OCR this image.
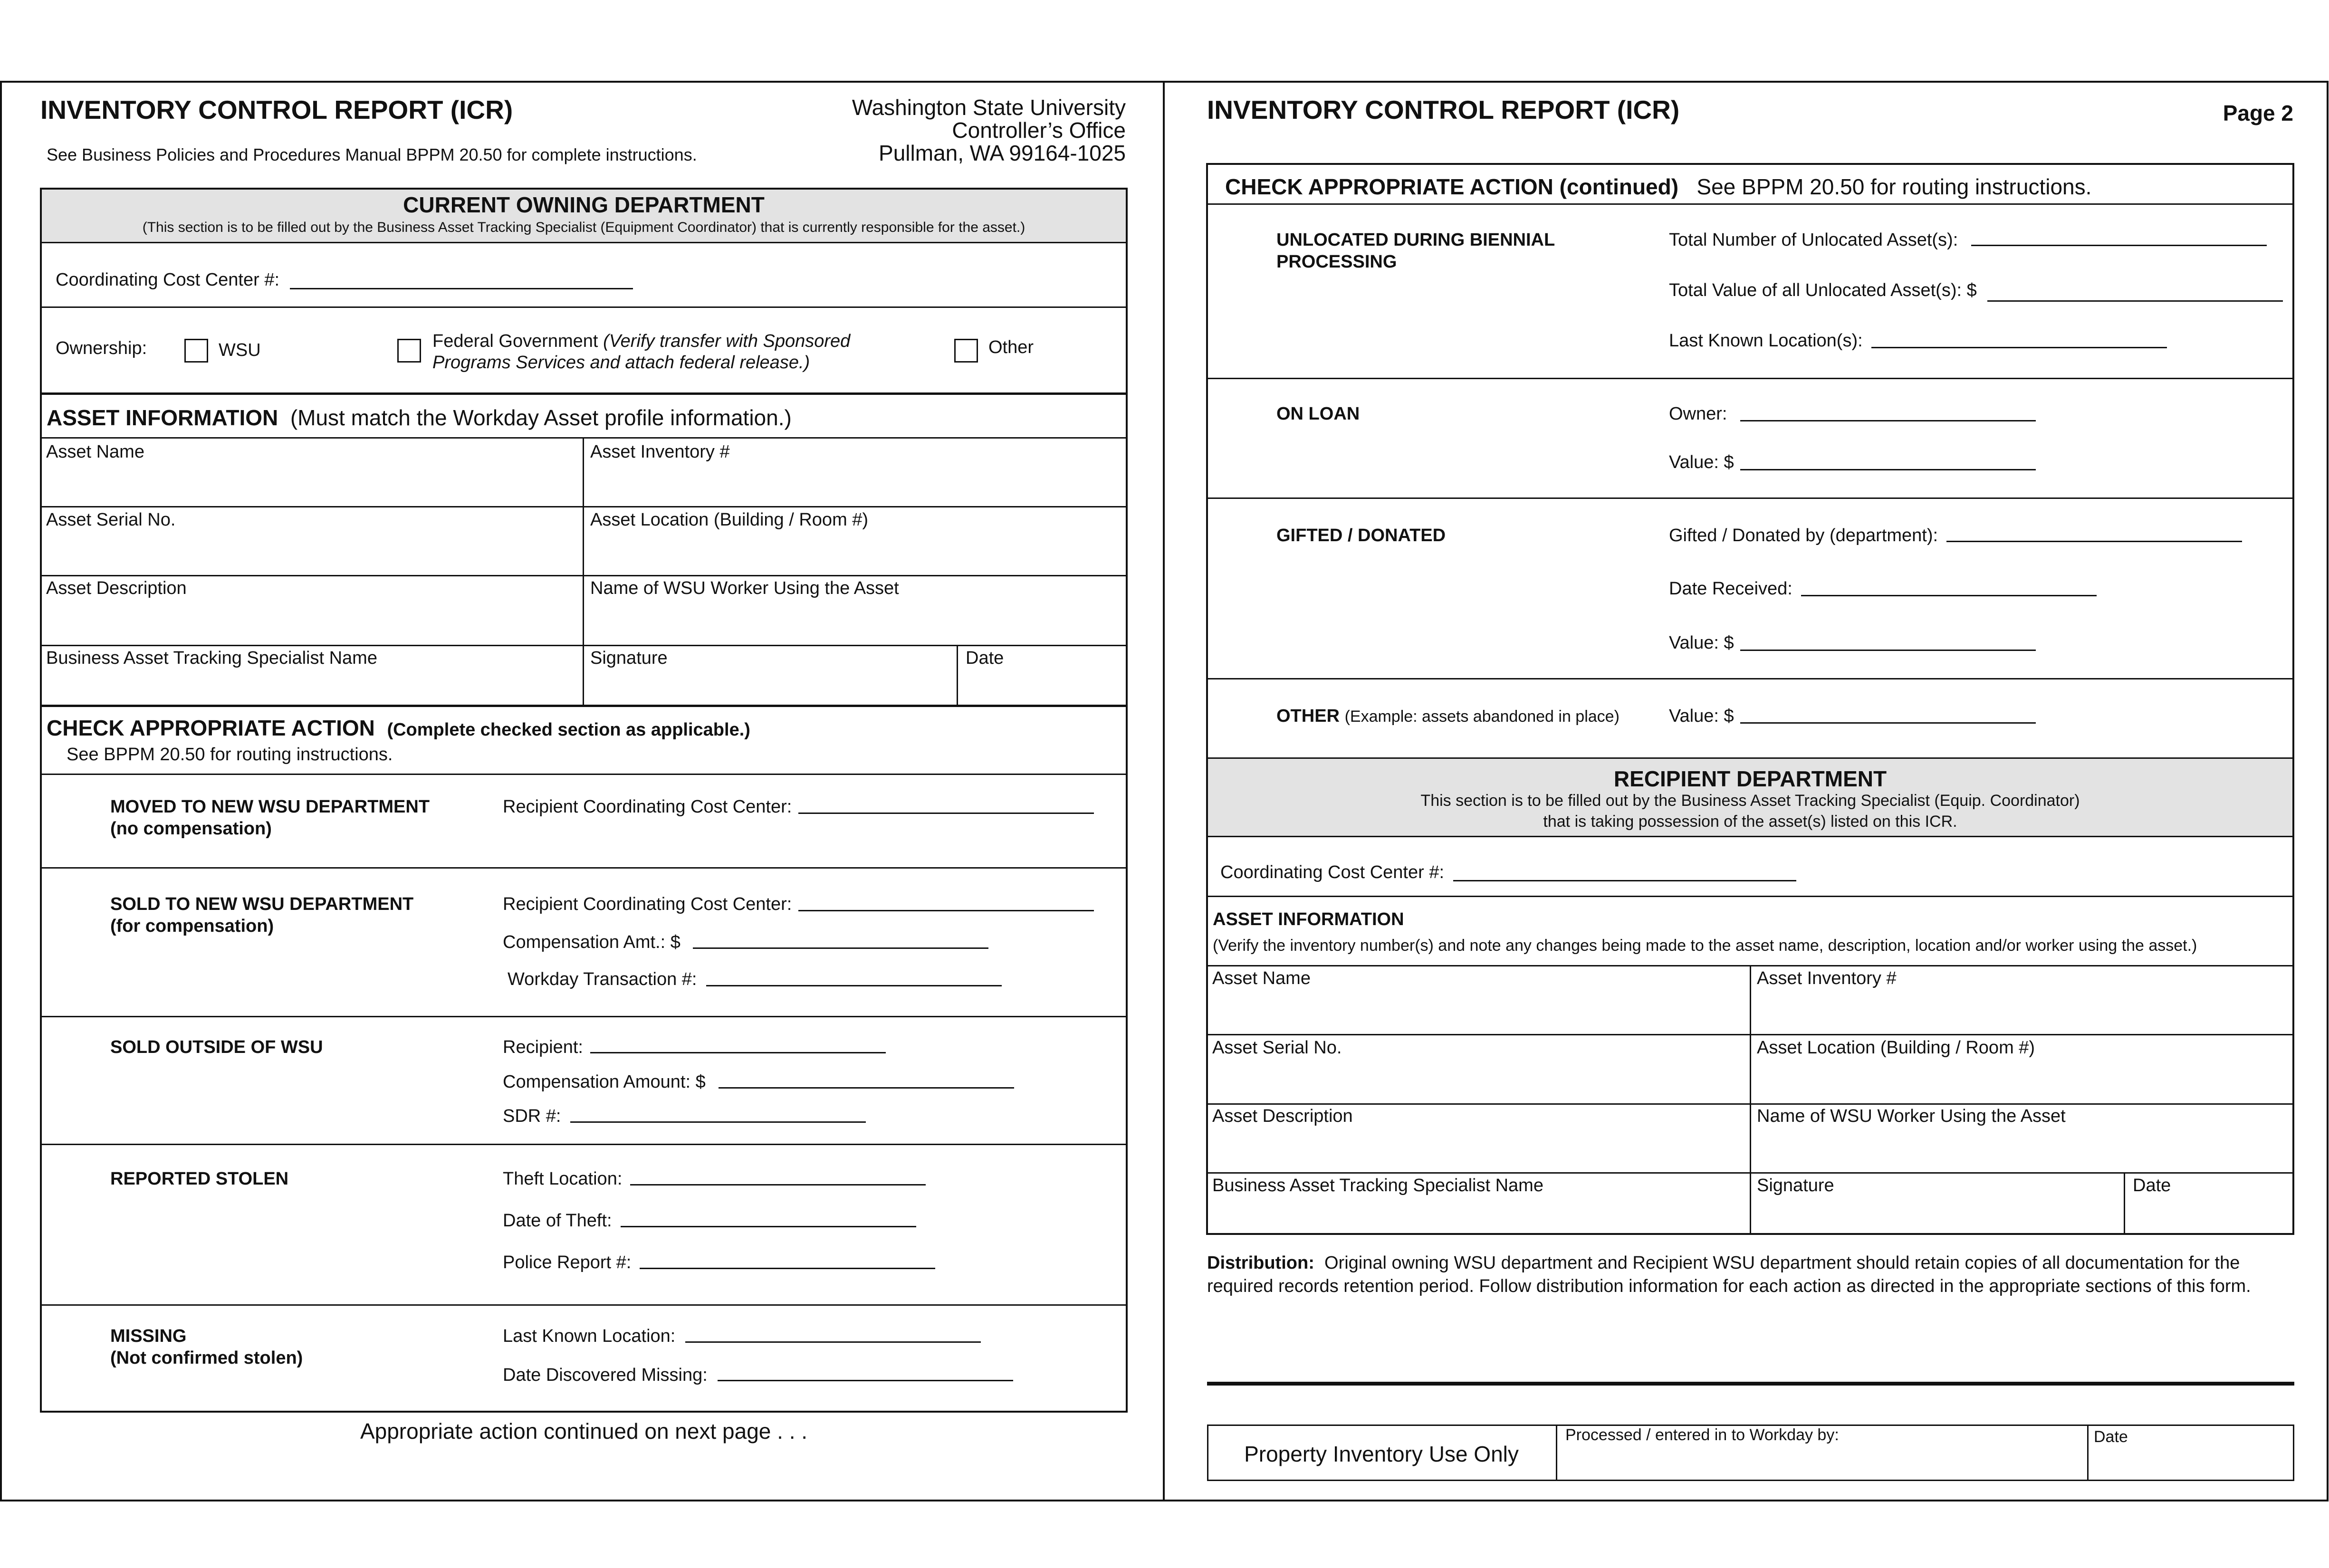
INVENTORY CONTROL REPORT (ICR)
See Business Policies and Procedures Manual BPPM 20.50 for complete instructions.
Washington State University
Controller’s Office
Pullman, WA 99164-1025
CURRENT OWNING DEPARTMENT
(This section is to be filled out by the Business Asset Tracking Specialist (Equipment Coordinator) that is currently responsible for the asset.)
Coordinating Cost Center #:
Ownership:	WSU	Federal Government (Verify transfer with Sponsored
Programs Services and attach federal release.)
Other
ASSET INFORMATION (Must match the Workday Asset profile information.)
Asset Name	Asset Inventory #
Asset Serial No.	Asset Location (Building / Room #)
Asset Description	Name of WSU Worker Using the Asset
Business Asset Tracking Specialist Name	Signature	Date
CHECK APPROPRIATE ACTION (Complete checked section as applicable.)
See BPPM 20.50 for routing instructions.
MOVED TO NEW WSU DEPARTMENT
(no compensation)
Recipient Coordinating Cost Center:
SOLD TO NEW WSU DEPARTMENT
(for compensation)
Recipient Coordinating Cost Center:
Compensation Amt.: $
Workday Transaction #:
SOLD OUTSIDE OF WSU	Recipient:
Compensation Amount: $
SDR #:
REPORTED STOLEN	Theft Location:
Date of Theft:
Police Report #:
MISSING
(Not confirmed stolen)
Last Known Location:
Date Discovered Missing:
Appropriate action continued on next page . . .
INVENTORY CONTROL REPORT (ICR)	Page 2
CHECK APPROPRIATE ACTION (continued) See BPPM 20.50 for routing instructions.
UNLOCATED DURING BIENNIAL
PROCESSING
Total Number of Unlocated Asset(s):
Total Value of all Unlocated Asset(s): $
Last Known Location(s):
ON LOAN	Owner:
Value: $
GIFTED / DONATED	Gifted / Donated by (department):
Date Received:
Value: $
OTHER (Example: assets abandoned in place)	Value: $
RECIPIENT DEPARTMENT
This section is to be filled out by the Business Asset Tracking Specialist (Equip. Coordinator)
that is taking possession of the asset(s) listed on this ICR.
Coordinating Cost Center #:
ASSET INFORMATION
(Verify the inventory number(s) and note any changes being made to the asset name, description, location and/or worker using the asset.)
Asset Name	Asset Inventory #
Asset Serial No.	Asset Location (Building / Room #)
Asset Description	Name of WSU Worker Using the Asset
Business Asset Tracking Specialist Name	Signature	Date
Distribution: Original owning WSU department and Recipient WSU department should retain copies of all documentation for the
required records retention period. Follow distribution information for each action as directed in the appropriate sections of this form.
Property Inventory Use Only
Processed / entered in to Workday by:	Date
